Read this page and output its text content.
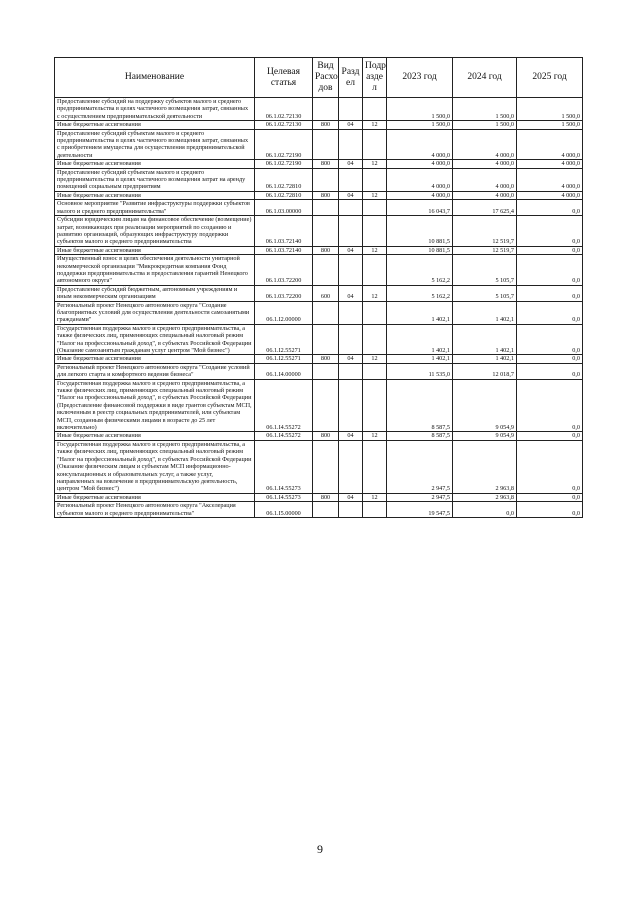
Наименование	Целевая статья	Вид Расхо дов	Разд ел	Подр азде л	2023 год	2024 год	2025 год
Предоставление субсидий на поддержку субъектов малого и среднего предпринимательства в целях частичного возмещения затрат, связанных с осуществлением предпринимательской деятельности	06.1.02.72130				1 500,0	1 500,0	1 500,0
Иные бюджетные ассигнования	06.1.02.72130	800	04	12	1 500,0	1 500,0	1 500,0
Предоставление субсидий субъектам малого и среднего предпринимательства в целях частичного возмещения затрат, связанных с приобретением имущества для осуществления предпринимательской деятельности	06.1.02.72190				4 000,0	4 000,0	4 000,0
Иные бюджетные ассигнования	06.1.02.72190	800	04	12	4 000,0	4 000,0	4 000,0
Предоставление субсидий субъектам малого и среднего предпринимательства в целях частичного возмещения затрат на аренду помещений социальным предприятиям	06.1.02.72810				4 000,0	4 000,0	4 000,0
Иные бюджетные ассигнования	06.1.02.72810	800	04	12	4 000,0	4 000,0	4 000,0
Основное мероприятие "Развитие инфраструктуры поддержки субъектов малого и среднего предпринимательства"	06.1.03.00000				16 043,7	17 625,4	0,0
Субсидии юридическим лицам на финансовое обеспечение (возмещение) затрат, возникающих при реализации мероприятий по созданию и развитию организаций, образующих инфраструктуру поддержки субъектов малого и среднего предпринимательства	06.1.03.72140				10 881,5	12 519,7	0,0
Иные бюджетные ассигнования	06.1.03.72140	800	04	12	10 881,5	12 519,7	0,0
Имущественный взнос в целях обеспечения деятельности унитарной некоммерческой организации "Микрокредитная компания Фонд поддержки предпринимательства и предоставления гарантий Ненецкого автономного округа"	06.1.03.72200				5 162,2	5 105,7	0,0
Предоставление субсидий бюджетным, автономным учреждениям и иным некоммерческим организациям	06.1.03.72200	600	04	12	5 162,2	5 105,7	0,0
Региональный проект Ненецкого автономного округа "Создание благоприятных условий для осуществления деятельности самозанятыми гражданами"	06.1.I2.00000				1 402,1	1 402,1	0,0
Государственная поддержка малого и среднего предпринимательства, а также физических лиц, применяющих специальный налоговый режим "Налог на профессиональный доход", в субъектах Российской Федерации (Оказание самозанятым гражданам услуг центром "Мой бизнес")	06.1.I2.55271				1 402,1	1 402,1	0,0
Иные бюджетные ассигнования	06.1.I2.55271	800	04	12	1 402,1	1 402,1	0,0
Региональный проект Ненецкого автономного округа "Создание условий для легкого старта и комфортного ведения бизнеса"	06.1.I4.00000				11 535,0	12 018,7	0,0
Государственная поддержка малого и среднего предпринимательства, а также физических лиц, применяющих специальный налоговый режим "Налог на профессиональный доход", в субъектах Российской Федерации (Предоставление финансовой поддержки в виде грантов субъектам МСП, включенным в реестр социальных предпринимателей, или субъектам МСП, созданным физическими лицами в возрасте до 25 лет включительно)	06.1.I4.55272				8 587,5	9 054,9	0,0
Иные бюджетные ассигнования	06.1.I4.55272	800	04	12	8 587,5	9 054,9	0,0
Государственная поддержка малого и среднего предпринимательства, а также физических лиц, применяющих специальный налоговый режим "Налог на профессиональный доход", в субъектах Российской Федерации (Оказание физическим лицам и субъектам МСП информационно-консультационных и образовательных услуг, а также услуг, направленных на вовлечение в предпринимательскую деятельность, центром "Мой бизнес")	06.1.I4.55273				2 947,5	2 963,8	0,0
Иные бюджетные ассигнования	06.1.I4.55273	800	04	12	2 947,5	2 963,8	0,0
Региональный проект Ненецкого автономного округа "Акселерация субъектов малого и среднего предпринимательства"	06.1.I5.00000				19 547,5	0,0	0,0
9
